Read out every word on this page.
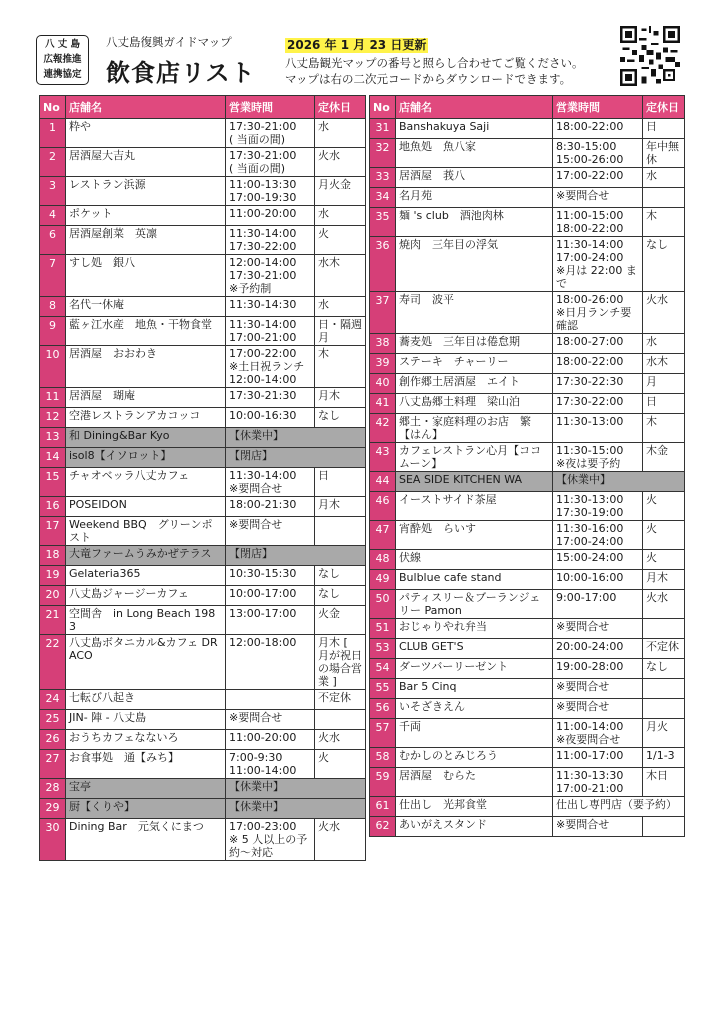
八 丈 島
広報推進
連携協定
八丈島復興ガイドマップ
飲食店リスト
2026 年 1 月 23 日更新
八丈島観光マップの番号と照らし合わせてご覧ください。
マップは右の二次元コードからダウンロードできます。
No	店舗名	営業時間	定休日
1	粋や	17:30-21:00
( 当面の間)	水
2	居酒屋大吉丸	17:30-21:00
( 当面の間)	火水
3	レストラン浜源	11:00-13:30
17:00-19:30	月火金
4	ポケット	11:00-20:00	水
6	居酒屋創菜　英凛	11:30-14:00
17:30-22:00	火
7	すし処　銀八	12:00-14:00
17:30-21:00
※予約制	水木
8	名代一休庵	11:30-14:30	水
9	藍ヶ江水産　地魚・干物食堂	11:30-14:00
17:00-21:00	日・隔週月
10	居酒屋　おおわき	17:00-22:00
※土日祝ランチ
12:00-14:00	木
11	居酒屋　瑚庵	17:30-21:30	月木
12	空港レストランアカコッコ	10:00-16:30	なし
13	和 Dining&Bar Kyo	【休業中】	
14	isol8【イソロット】	【閉店】	
15	チャオベッラ八丈カフェ	11:30-14:00
※要問合せ	日
16	POSEIDON	18:00-21:30	月木
17	Weekend BBQ　グリーンポスト	※要問合せ	
18	大竜ファームうみかぜテラス	【閉店】	
19	Gelateria365	10:30-15:30	なし
20	八丈島ジャージーカフェ	10:00-17:00	なし
21	空間舎　in Long Beach 1983	13:00-17:00	火金
22	八丈島ボタニカル&カフェ DRACO	12:00-18:00	月木 [ 月が祝日の場合営業 ]
24	七転び八起き		不定休
25	JIN- 陣 - 八丈島	※要問合せ	
26	おうちカフェなないろ	11:00-20:00	火水
27	お食事処　通【みち】	7:00-9:30
11:00-14:00	火
28	宝亭	【休業中】	
29	厨【くりや】	【休業中】	
30	Dining Bar　元気くにまつ	17:00-23:00
※ 5 人以上の予約〜対応	火水
No	店舗名	営業時間	定休日
31	Banshakuya Saji	18:00-22:00	日
32	地魚処　魚八家	8:30-15:00
15:00-26:00	年中無休
33	居酒屋　莪八	17:00-22:00	水
34	名月苑	※要問合せ	
35	麺 's club　酒池肉林	11:00-15:00
18:00-22:00	木
36	焼肉　三年目の浮気	11:30-14:00
17:00-24:00
※月は 22:00 まで	なし
37	寿司　波平	18:00-26:00
※日月ランチ要確認	火水
38	蕎麦処　三年目は倦怠期	18:00-27:00	水
39	ステーキ　チャーリー	18:00-22:00	水木
40	創作郷土居酒屋　エイト	17:30-22:30	月
41	八丈島郷土料理　梁山泊	17:30-22:00	日
42	郷土・家庭料理のお店　繁【はん】	11:30-13:00	木
43	カフェレストラン心月【ココムーン】	11:30-15:00
※夜は要予約	木金
44	SEA SIDE KITCHEN WA	【休業中】	
46	イーストサイド茶屋	11:30-13:00
17:30-19:00	火
47	宵酔処　らいす	11:30-16:00
17:00-24:00	火
48	伏線	15:00-24:00	火
49	Bulblue cafe stand	10:00-16:00	月木
50	パティスリー＆ブーランジェリー Pamon	9:00-17:00	火水
51	おじゃりやれ弁当	※要問合せ	
53	CLUB GET'S	20:00-24:00	不定休
54	ダーツバーリーゼント	19:00-28:00	なし
55	Bar 5 Cinq	※要問合せ	
56	いそざきえん	※要問合せ	
57	千両	11:00-14:00
※夜要問合せ	月火
58	むかしのとみじろう	11:00-17:00	1/1-3
59	居酒屋　むらた	11:30-13:30
17:00-21:00	木日
61	仕出し　光邦食堂	仕出し専門店（要予約）	
62	あいがえスタンド	※要問合せ	
